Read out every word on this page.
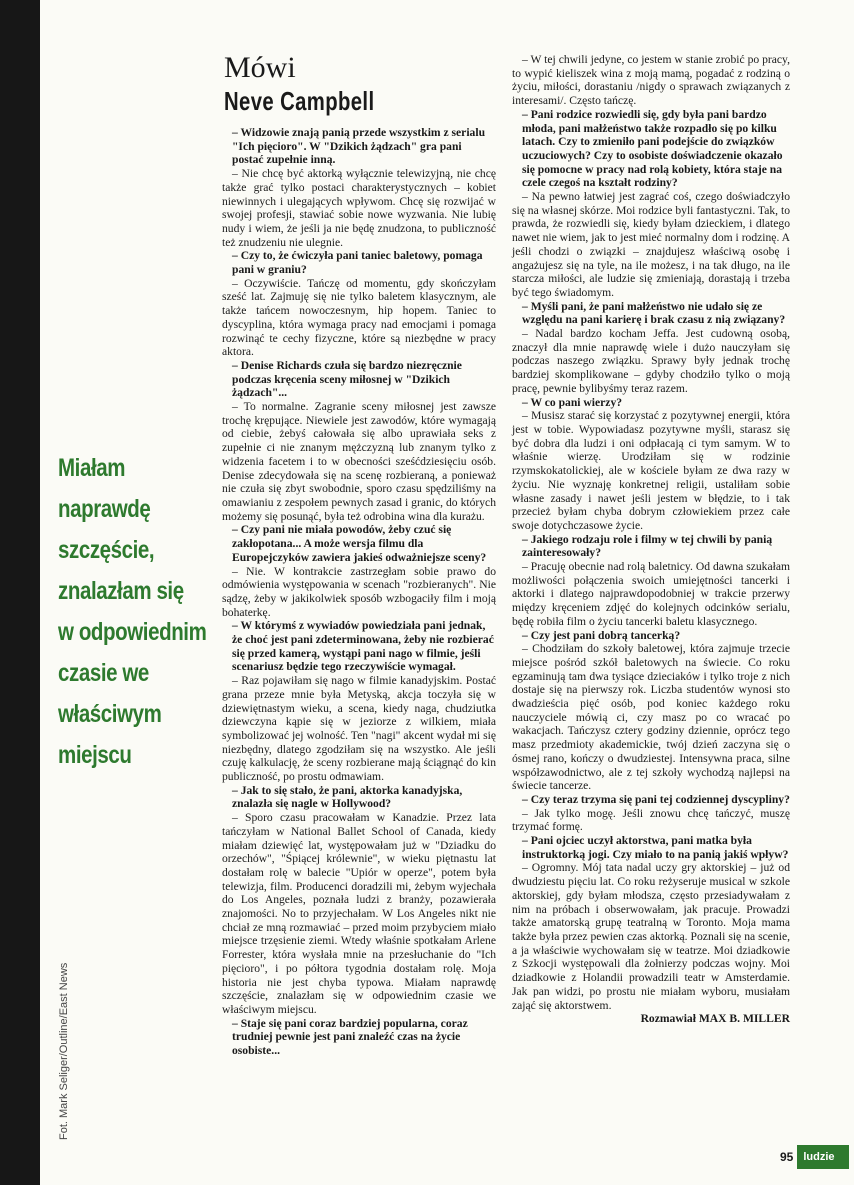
Fot. Mark Seliger/Outline/East News
Miałam
naprawdę
szczęście,
znalazłam się
w odpowiednim
czasie we
właściwym
miejscu
Mówi
Neve Campbell

– Widzowie znają panią przede wszystkim z serialu "Ich pięcioro". W "Dzikich żądzach" gra pani postać zupełnie inną.

– Nie chcę być aktorką wyłącznie telewizyjną, nie chcę także grać tylko postaci charakterystycznych – kobiet niewinnych i ulegających wpływom. Chcę się rozwijać w swojej profesji, stawiać sobie nowe wyzwania. Nie lubię nudy i wiem, że jeśli ja nie będę znudzona, to publiczność też znudzeniu nie ulegnie.

– Czy to, że ćwiczyła pani taniec baletowy, pomaga pani w graniu?

– Oczywiście. Tańczę od momentu, gdy skończyłam sześć lat. Zajmuję się nie tylko baletem klasycznym, ale także tańcem nowoczesnym, hip hopem. Taniec to dyscyplina, która wymaga pracy nad emocjami i pomaga rozwinąć te cechy fizyczne, które są niezbędne w pracy aktora.

– Denise Richards czuła się bardzo niezręcznie podczas kręcenia sceny miłosnej w "Dzikich żądzach"...

– To normalne. Zagranie sceny miłosnej jest zawsze trochę krępujące. Niewiele jest zawodów, które wymagają od ciebie, żebyś całowała się albo uprawiała seks z zupełnie ci nie znanym mężczyzną lub znanym tylko z widzenia facetem i to w obecności sześćdziesięciu osób. Denise zdecydowała się na scenę rozbieraną, a ponieważ nie czuła się zbyt swobodnie, sporo czasu spędziliśmy na omawianiu z zespołem pewnych zasad i granic, do których możemy się posunąć, była też odrobina wina dla kurażu.

– Czy pani nie miała powodów, żeby czuć się zakłopotana... A może wersja filmu dla Europejczyków zawiera jakieś odważniejsze sceny?

– Nie. W kontrakcie zastrzegłam sobie prawo do odmówienia występowania w scenach "rozbieranych". Nie sądzę, żeby w jakikolwiek sposób wzbogaciły film i moją bohaterkę.

– W którymś z wywiadów powiedziała pani jednak, że choć jest pani zdeterminowana, żeby nie rozbierać się przed kamerą, wystąpi pani nago w filmie, jeśli scenariusz będzie tego rzeczywiście wymagał.

– Raz pojawiłam się nago w filmie kanadyjskim. Postać grana przeze mnie była Metyską, akcja toczyła się w dziewiętnastym wieku, a scena, kiedy naga, chudziutka dziewczyna kąpie się w jeziorze z wilkiem, miała symbolizować jej wolność. Ten "nagi" akcent wydał mi się niezbędny, dlatego zgodziłam się na wszystko. Ale jeśli czuję kalkulację, że sceny rozbierane mają ściągnąć do kin publiczność, po prostu odmawiam.

– Jak to się stało, że pani, aktorka kanadyjska, znalazła się nagle w Hollywood?

– Sporo czasu pracowałam w Kanadzie. Przez lata tańczyłam w National Ballet School of Canada, kiedy miałam dziewięć lat, występowałam już w "Dziadku do orzechów", "Śpiącej królewnie", w wieku piętnastu lat dostałam rolę w balecie "Upiór w operze", potem była telewizja, film. Producenci doradzili mi, żebym wyjechała do Los Angeles, poznała ludzi z branży, pozawierała znajomości. No to przyjechałam. W Los Angeles nikt nie chciał ze mną rozmawiać – przed moim przybyciem miało miejsce trzęsienie ziemi. Wtedy właśnie spotkałam Arlene Forrester, która wysłała mnie na przesłuchanie do "Ich pięcioro", i po półtora tygodnia dostałam rolę. Moja historia nie jest chyba typowa. Miałam naprawdę szczęście, znalazłam się w odpowiednim czasie we właściwym miejscu.

– Staje się pani coraz bardziej popularna, coraz trudniej pewnie jest pani znaleźć czas na życie osobiste...

– W tej chwili jedyne, co jestem w stanie zrobić po pracy, to wypić kieliszek wina z moją mamą, pogadać z rodziną o życiu, miłości, dorastaniu /nigdy o sprawach związanych z interesami/. Często tańczę.

– Pani rodzice rozwiedli się, gdy była pani bardzo młoda, pani małżeństwo także rozpadło się po kilku latach. Czy to zmieniło pani podejście do związków uczuciowych? Czy to osobiste doświadczenie okazało się pomocne w pracy nad rolą kobiety, która staje na czele czegoś na kształt rodziny?

– Na pewno łatwiej jest zagrać coś, czego doświadczyło się na własnej skórze. Moi rodzice byli fantastyczni. Tak, to prawda, że rozwiedli się, kiedy byłam dzieckiem, i dlatego nawet nie wiem, jak to jest mieć normalny dom i rodzinę. A jeśli chodzi o związki – znajdujesz właściwą osobę i angażujesz się na tyle, na ile możesz, i na tak długo, na ile starcza miłości, ale ludzie się zmieniają, dorastają i trzeba być tego świadomym.

– Myśli pani, że pani małżeństwo nie udało się ze względu na pani karierę i brak czasu z nią związany?

– Nadal bardzo kocham Jeffa. Jest cudowną osobą, znaczył dla mnie naprawdę wiele i dużo nauczyłam się podczas naszego związku. Sprawy były jednak trochę bardziej skomplikowane – gdyby chodziło tylko o moją pracę, pewnie bylibyśmy teraz razem.

– W co pani wierzy?

– Musisz starać się korzystać z pozytywnej energii, która jest w tobie. Wypowiadasz pozytywne myśli, starasz się być dobra dla ludzi i oni odpłacają ci tym samym. W to właśnie wierzę. Urodziłam się w rodzinie rzymskokatolickiej, ale w kościele byłam ze dwa razy w życiu. Nie wyznaję konkretnej religii, ustaliłam sobie własne zasady i nawet jeśli jestem w błędzie, to i tak przecież byłam chyba dobrym człowiekiem przez całe swoje dotychczasowe życie.

– Jakiego rodzaju role i filmy w tej chwili by panią zainteresowały?

– Pracuję obecnie nad rolą baletnicy. Od dawna szukałam możliwości połączenia swoich umiejętności tancerki i aktorki i dlatego najprawdopodobniej w trakcie przerwy między kręceniem zdjęć do kolejnych odcinków serialu, będę robiła film o życiu tancerki baletu klasycznego.

– Czy jest pani dobrą tancerką?

– Chodziłam do szkoły baletowej, która zajmuje trzecie miejsce pośród szkół baletowych na świecie. Co roku egzaminują tam dwa tysiące dzieciaków i tylko troje z nich dostaje się na pierwszy rok. Liczba studentów wynosi sto dwadzieścia pięć osób, pod koniec każdego roku nauczyciele mówią ci, czy masz po co wracać po wakacjach. Tańczysz cztery godziny dziennie, oprócz tego masz przedmioty akademickie, twój dzień zaczyna się o ósmej rano, kończy o dwudziestej. Intensywna praca, silne współzawodnictwo, ale z tej szkoły wychodzą najlepsi na świecie tancerze.

– Czy teraz trzyma się pani tej codziennej dyscypliny?

– Jak tylko mogę. Jeśli znowu chcę tańczyć, muszę trzymać formę.

– Pani ojciec uczył aktorstwa, pani matka była instruktorką jogi. Czy miało to na panią jakiś wpływ?

– Ogromny. Mój tata nadal uczy gry aktorskiej – już od dwudziestu pięciu lat. Co roku reżyseruje musical w szkole aktorskiej, gdy byłam młodsza, często przesiadywałam z nim na próbach i obserwowałam, jak pracuje. Prowadzi także amatorską grupę teatralną w Toronto. Moja mama także była przez pewien czas aktorką. Poznali się na scenie, a ja właściwie wychowałam się w teatrze. Moi dziadkowie z Szkocji występowali dla żołnierzy podczas wojny. Moi dziadkowie z Holandii prowadzili teatr w Amsterdamie. Jak pan widzi, po prostu nie miałam wyboru, musiałam zająć się aktorstwem.

Rozmawiał MAX B. MILLER

95 ludzie
